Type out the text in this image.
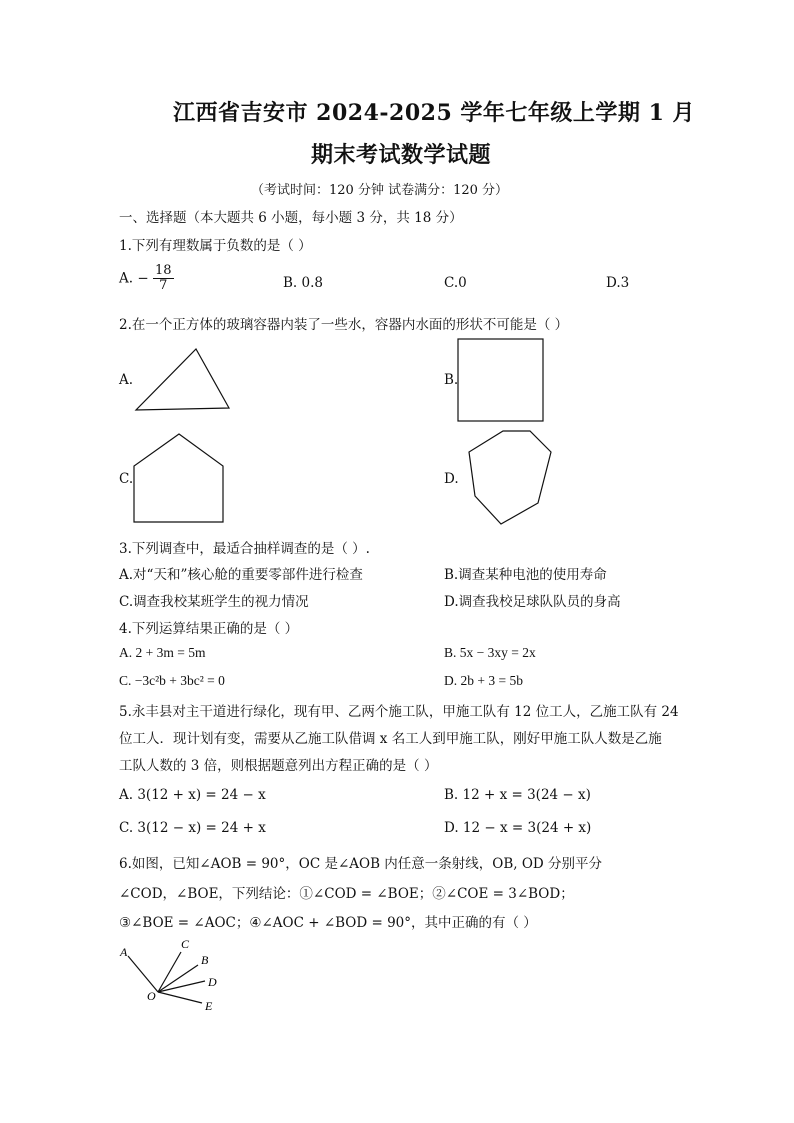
江西省吉安市 2024-2025 学年七年级上学期 1 月
期末考试数学试题
（考试时间：120 分钟 试卷满分：120 分）
一、选择题（本大题共 6 小题，每小题 3 分，共 18 分）
1.下列有理数属于负数的是（ ）
A. − $\frac{18}{7}$	B. 0.8	C.0	D.3
2.在一个正方体的玻璃容器内装了一些水，容器内水面的形状不可能是（ ）
A.	B.
C.	D.
3.下列调查中，最适合抽样调查的是（ ）.
A.对“天和”核心舱的重要零部件进行检查	B.调查某种电池的使用寿命
C.调查我校某班学生的视力情况	D.调查我校足球队队员的身高
4.下列运算结果正确的是（ ）
A. 2 + 3m = 5m	B. 5x − 3xy = 2x
C. −3c²b + 3bc² = 0	D. 2b + 3 = 5b
5.永丰县对主干道进行绿化，现有甲、乙两个施工队，甲施工队有 12 位工人，乙施工队有 24
位工人．现计划有变，需要从乙施工队借调 x 名工人到甲施工队，刚好甲施工队人数是乙施
工队人数的 3 倍，则根据题意列出方程正确的是（ ）
A. 3(12 + x) = 24 − x	B. 12 + x = 3(24 − x)
C. 3(12 − x) = 24 + x	D. 12 − x = 3(24 + x)
6.如图，已知∠AOB = 90°，OC 是∠AOB 内任意一条射线，OB, OD 分别平分
∠COD，∠BOE，下列结论：①∠COD = ∠BOE；②∠COE = 3∠BOD；
③∠BOE = ∠AOC；④∠AOC + ∠BOD = 90°，其中正确的有（ ）
A
C
B
D
O
E
